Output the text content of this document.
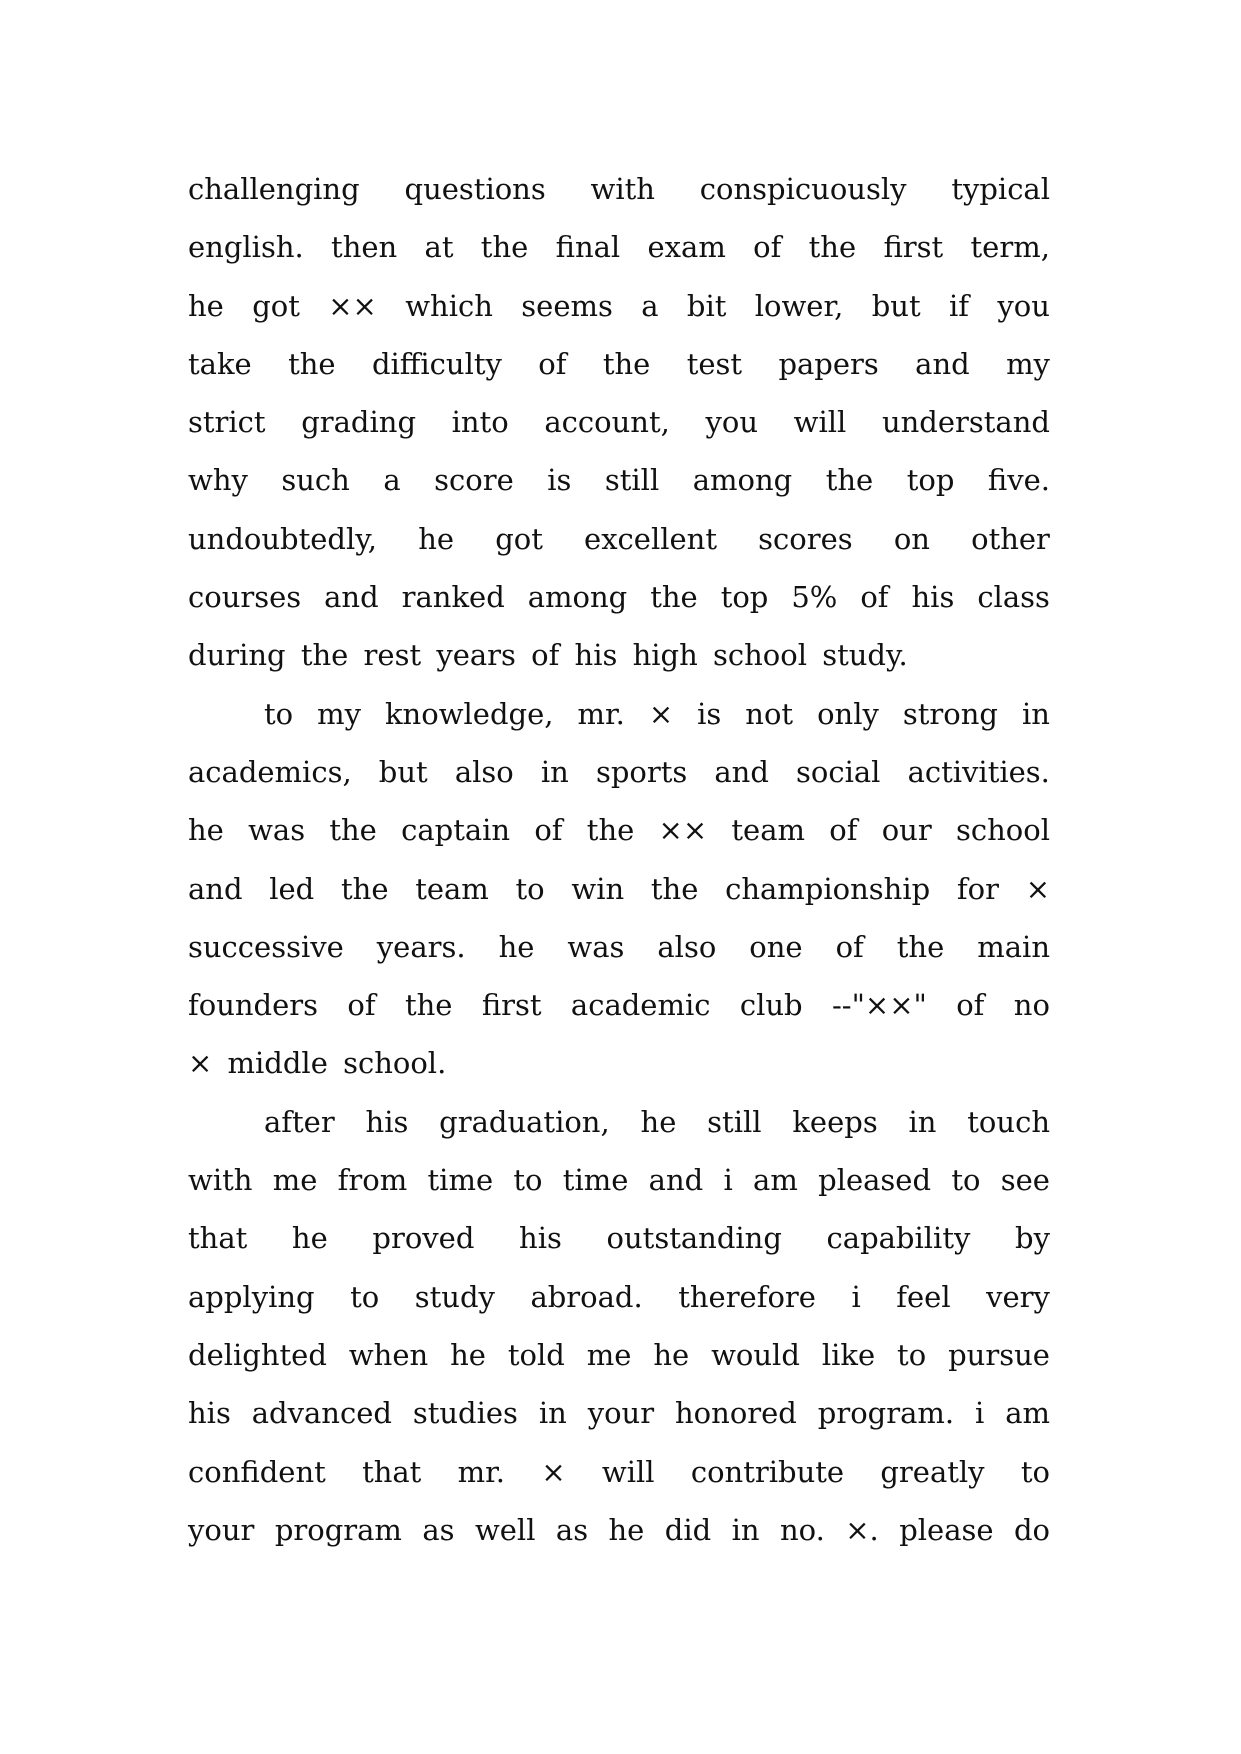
challenging questions with conspicuously typical
english. then at the final exam of the first term,
he got ×× which seems a bit lower, but if you
take the difficulty of the test papers and my
strict grading into account, you will understand
why such a score is still among the top five.
undoubtedly, he got excellent scores on other
courses and ranked among the top 5% of his class
during the rest years of his high school study.
to my knowledge, mr. × is not only strong in
academics, but also in sports and social activities.
he was the captain of the ×× team of our school
and led the team to win the championship for ×
successive years. he was also one of the main
founders of the first academic club --"××" of no
× middle school.
after his graduation, he still keeps in touch
with me from time to time and i am pleased to see
that he proved his outstanding capability by
applying to study abroad. therefore i feel very
delighted when he told me he would like to pursue
his advanced studies in your honored program. i am
confident that mr. × will contribute greatly to
your program as well as he did in no. ×. please do
